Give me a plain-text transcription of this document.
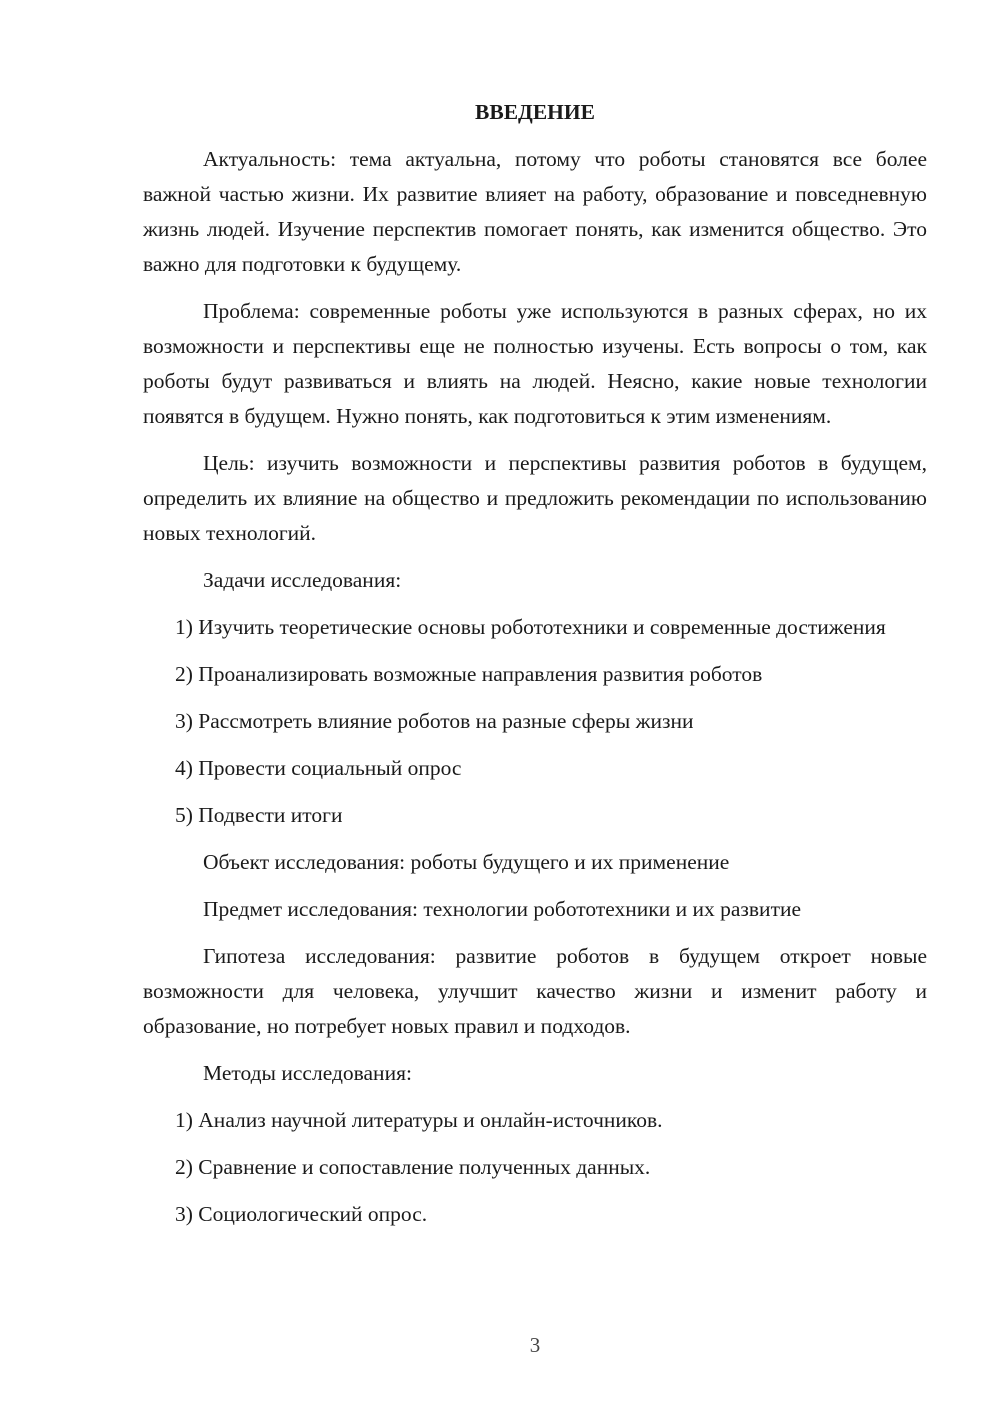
ВВЕДЕНИЕ

Актуальность: тема актуальна, потому что роботы становятся все более важной частью жизни. Их развитие влияет на работу, образование и повседневную жизнь людей. Изучение перспектив помогает понять, как изменится общество. Это важно для подготовки к будущему.

Проблема: современные роботы уже используются в разных сферах, но их возможности и перспективы еще не полностью изучены. Есть вопросы о том, как роботы будут развиваться и влиять на людей. Неясно, какие новые технологии появятся в будущем. Нужно понять, как подготовиться к этим изменениям.

Цель: изучить возможности и перспективы развития роботов в будущем, определить их влияние на общество и предложить рекомендации по использованию новых технологий.

Задачи исследования:

1) Изучить теоретические основы робототехники и современные достижения

2) Проанализировать возможные направления развития роботов

3) Рассмотреть влияние роботов на разные сферы жизни

4) Провести социальный опрос

5) Подвести итоги

Объект исследования: роботы будущего и их применение

Предмет исследования: технологии робототехники и их развитие

Гипотеза исследования: развитие роботов в будущем откроет новые возможности для человека, улучшит качество жизни и изменит работу и образование, но потребует новых правил и подходов.

Методы исследования:

1) Анализ научной литературы и онлайн-источников.

2) Сравнение и сопоставление полученных данных.

3) Социологический опрос.

3
